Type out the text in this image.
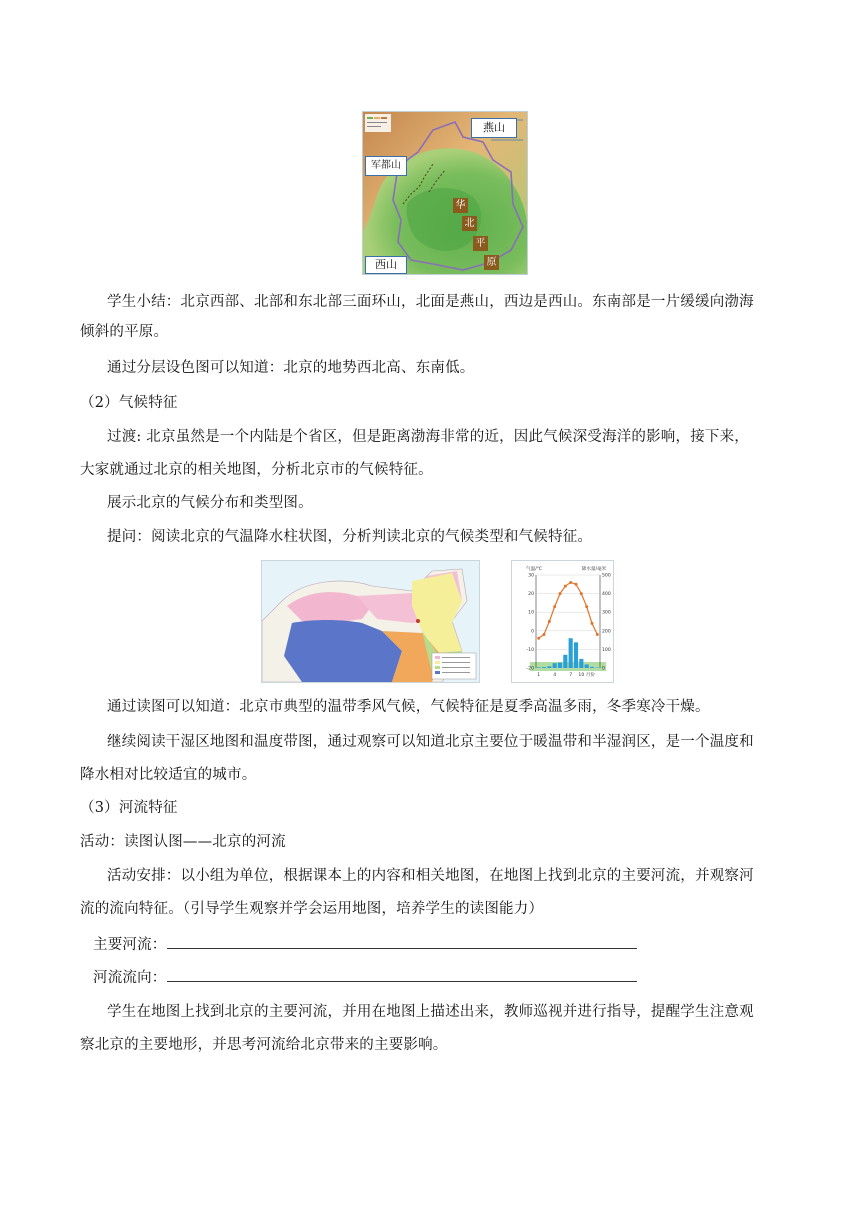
燕山
军都山
西山
华
北
平
原
学生小结：北京西部、北部和东北部三面环山，北面是燕山，西边是西山。东南部是一片缓缓向渤海
倾斜的平原。
通过分层设色图可以知道：北京的地势西北高、东南低。
（2）气候特征
过渡: 北京虽然是一个内陆是个省区，但是距离渤海非常的近，因此气候深受海洋的影响，接下来，
大家就通过北京的相关地图，分析北京市的气候特征。
展示北京的气候分布和类型图。
提问：阅读北京的气温降水柱状图，分析判读北京的气候类型和气候特征。
气温/℃	降水量/毫米
30
20
10
0
-10
-20
500
400
300
200
100
0
1	4	7 10 月份
通过读图可以知道：北京市典型的温带季风气候，气候特征是夏季高温多雨，冬季寒冷干燥。
继续阅读干湿区地图和温度带图，通过观察可以知道北京主要位于暖温带和半湿润区，是一个温度和
降水相对比较适宜的城市。
（3）河流特征
活动：读图认图——北京的河流
活动安排：以小组为单位，根据课本上的内容和相关地图，在地图上找到北京的主要河流，并观察河
流的流向特征。（引导学生观察并学会运用地图，培养学生的读图能力）
主要河流：
河流流向：
学生在地图上找到北京的主要河流，并用在地图上描述出来，教师巡视并进行指导，提醒学生注意观
察北京的主要地形，并思考河流给北京带来的主要影响。
